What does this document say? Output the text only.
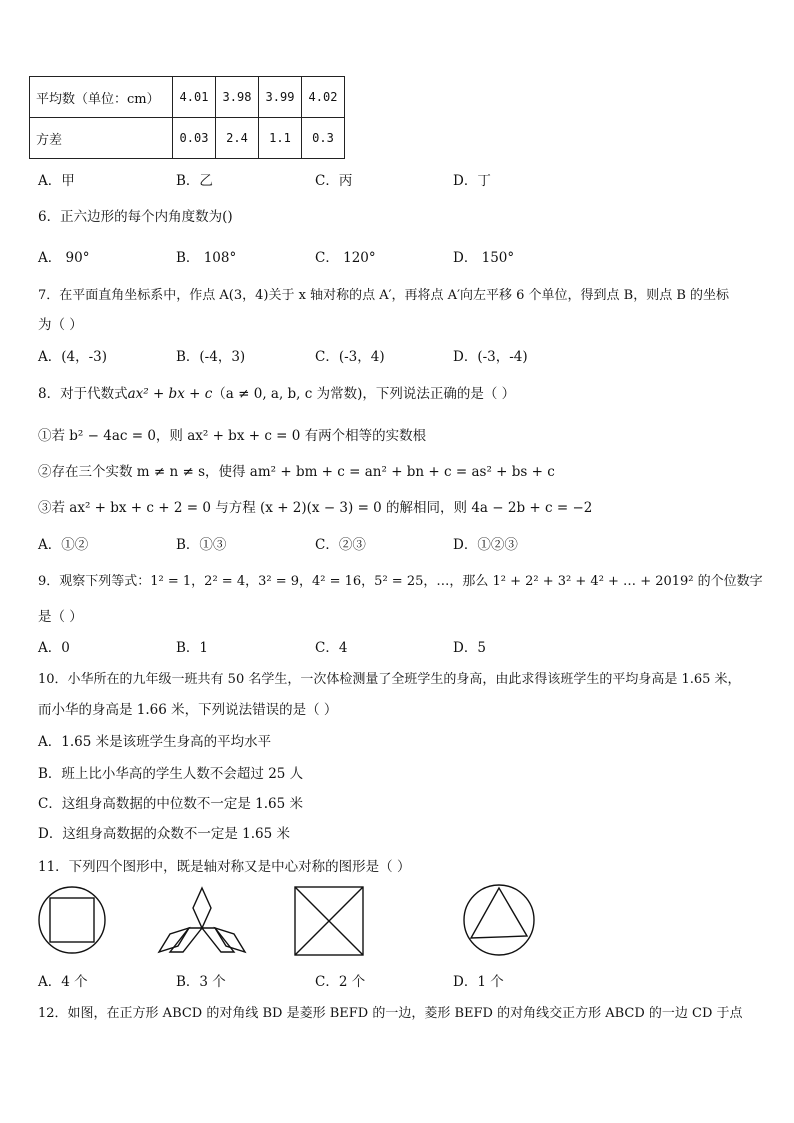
平均数（单位：cm）	4.01	3.98	3.99	4.02
方差	0.03	2.4	1.1	0.3
A．甲	B．乙	C．丙	D．丁
6．正六边形的每个内角度数为()
A． 90°	B． 108°	C． 120°	D． 150°
7．在平面直角坐标系中，作点 A(3，4)关于 x 轴对称的点 A′，再将点 A′向左平移 6 个单位，得到点 B，则点 B 的坐标
为（ ）
A．(4，-3)	B．(-4，3)	C．(-3，4)	D．(-3，-4)
8．对于代数式ax² + bx + c（a ≠ 0, a, b, c 为常数)，下列说法正确的是（ ）
①若 b² − 4ac = 0，则 ax² + bx + c = 0 有两个相等的实数根
②存在三个实数 m ≠ n ≠ s，使得 am² + bm + c = an² + bn + c = as² + bs + c
③若 ax² + bx + c + 2 = 0 与方程 (x + 2)(x − 3) = 0 的解相同，则 4a − 2b + c = −2
A．①②	B．①③	C．②③	D．①②③
9．观察下列等式：1² = 1，2² = 4，3² = 9，4² = 16，5² = 25，…，那么 1² + 2² + 3² + 4² + … + 2019² 的个位数字
是（ ）
A．0	B．1	C．4	D．5
10．小华所在的九年级一班共有 50 名学生，一次体检测量了全班学生的身高，由此求得该班学生的平均身高是 1.65 米，
而小华的身高是 1.66 米，下列说法错误的是（ ）
A．1.65 米是该班学生身高的平均水平
B．班上比小华高的学生人数不会超过 25 人
C．这组身高数据的中位数不一定是 1.65 米
D．这组身高数据的众数不一定是 1.65 米
11．下列四个图形中，既是轴对称又是中心对称的图形是（ ）
A．4 个	B．3 个	C．2 个	D．1 个
12．如图，在正方形 ABCD 的对角线 BD 是菱形 BEFD 的一边，菱形 BEFD 的对角线交正方形 ABCD 的一边 CD 于点
